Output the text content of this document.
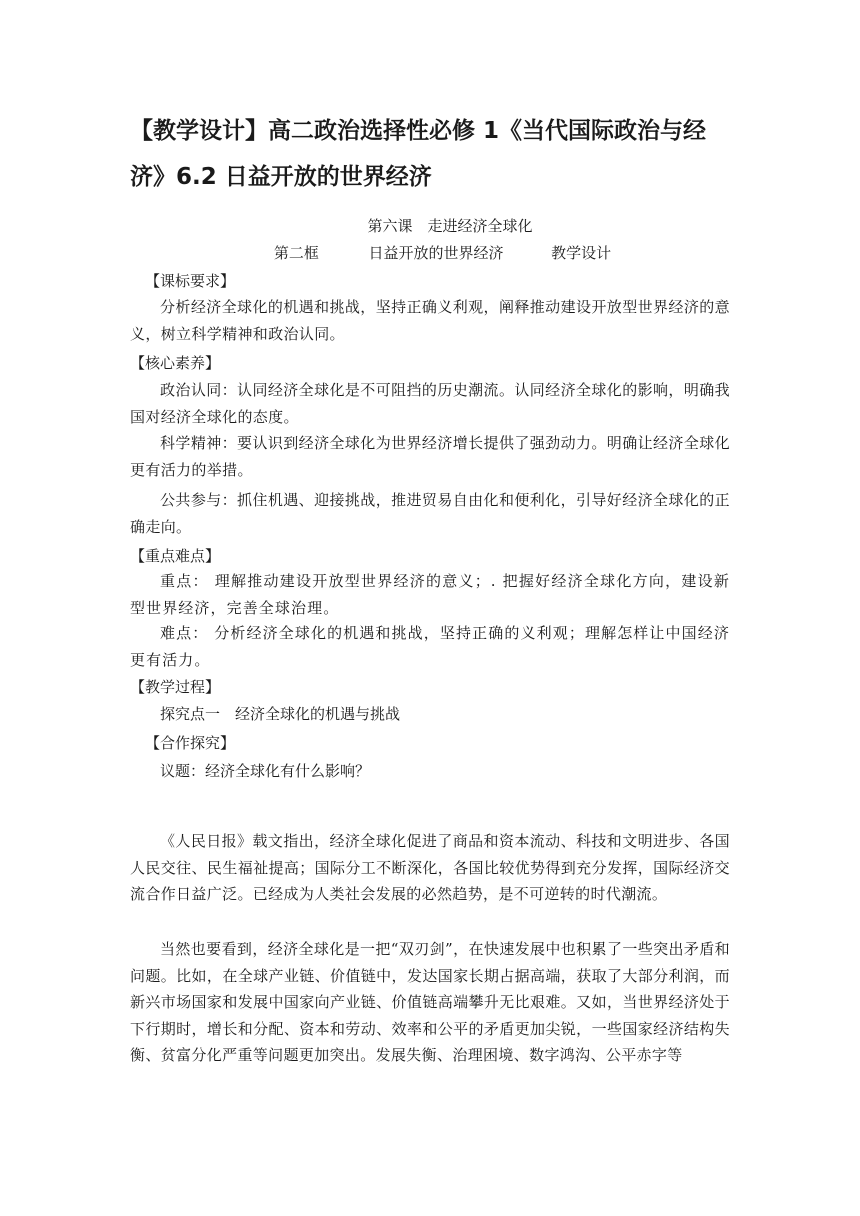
【教学设计】高二政治选择性必修 1《当代国际政治与经济》6.2 日益开放的世界经济
第六课　走进经济全球化
第二框	日益开放的世界经济	教学设计
【课标要求】

分析经济全球化的机遇和挑战，坚持正确义利观，阐释推动建设开放型世界经济的意义，树立科学精神和政治认同。

【核心素养】

政治认同：认同经济全球化是不可阻挡的历史潮流。认同经济全球化的影响，明确我国对经济全球化的态度。

科学精神：要认识到经济全球化为世界经济增长提供了强劲动力。明确让经济全球化更有活力的举措。

公共参与：抓住机遇、迎接挑战，推进贸易自由化和便利化，引导好经济全球化的正确走向。

【重点难点】

重点： 理解推动建设开放型世界经济的意义；. 把握好经济全球化方向，建设新型世界经济，完善全球治理。

难点： 分析经济全球化的机遇和挑战，坚持正确的义利观；理解怎样让中国经济更有活力。

【教学过程】
探究点一　经济全球化的机遇与挑战
【合作探究】
议题：经济全球化有什么影响？

《人民日报》载文指出，经济全球化促进了商品和资本流动、科技和文明进步、各国人民交往、民生福祉提高；国际分工不断深化，各国比较优势得到充分发挥，国际经济交流合作日益广泛。已经成为人类社会发展的必然趋势，是不可逆转的时代潮流。

当然也要看到，经济全球化是一把“双刃剑”，在快速发展中也积累了一些突出矛盾和问题。比如，在全球产业链、价值链中，发达国家长期占据高端，获取了大部分利润，而新兴市场国家和发展中国家向产业链、价值链高端攀升无比艰难。又如，当世界经济处于下行期时，增长和分配、资本和劳动、效率和公平的矛盾更加尖锐，一些国家经济结构失衡、贫富分化严重等问题更加突出。发展失衡、治理困境、数字鸿沟、公平赤字等
